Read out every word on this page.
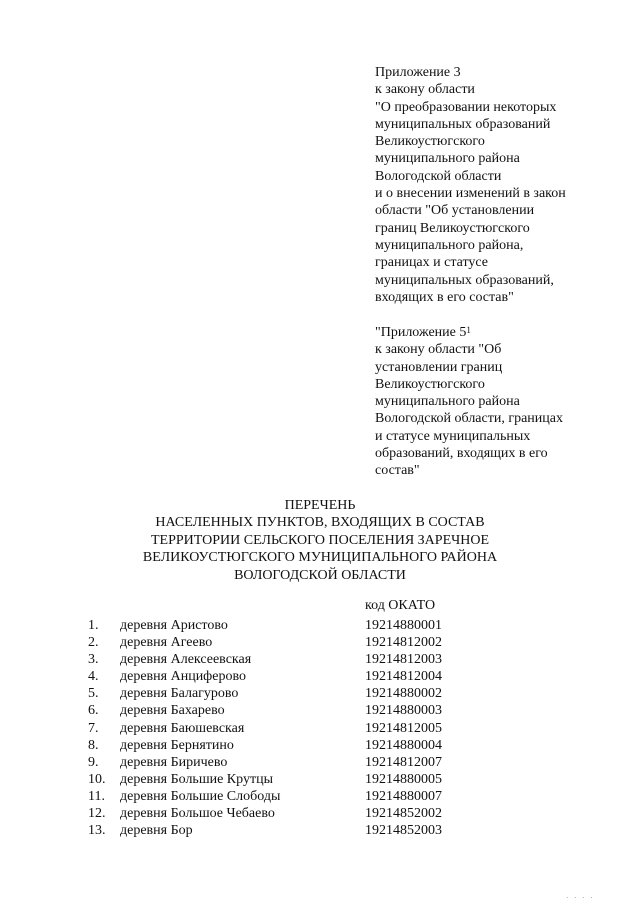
Приложение 3
к закону области
"О преобразовании некоторых
муниципальных образований
Великоустюгского
муниципального района
Вологодской области
и о внесении изменений в закон
области "Об установлении
границ Великоустюгского
муниципального района,
границах и статусе
муниципальных образований,
входящих в его состав"
"Приложение $5^1$
к закону области "Об
установлении границ
Великоустюгского
муниципального района
Вологодской области, границах
и статусе муниципальных
образований, входящих в его
состав"
ПЕРЕЧЕНЬ
НАСЕЛЕННЫХ ПУНКТОВ, ВХОДЯЩИХ В СОСТАВ
ТЕРРИТОРИИ СЕЛЬСКОГО ПОСЕЛЕНИЯ ЗАРЕЧНОЕ
ВЕЛИКОУСТЮГСКОГО МУНИЦИПАЛЬНОГО РАЙОНА
ВОЛОГОДСКОЙ ОБЛАСТИ
код ОКАТО
1.	деревня Аристово	19214880001
2.	деревня Агеево	19214812002
3.	деревня Алексеевская	19214812003
4.	деревня Анциферово	19214812004
5.	деревня Балагурово	19214880002
6.	деревня Бахарево	19214880003
7.	деревня Баюшевская	19214812005
8.	деревня Бернятино	19214880004
9.	деревня Биричево	19214812007
10.	деревня Большие Крутцы	19214880005
11.	деревня Большие Слободы	19214880007
12.	деревня Большое Чебаево	19214852002
13.	деревня Бор	19214852003
· · · ·
